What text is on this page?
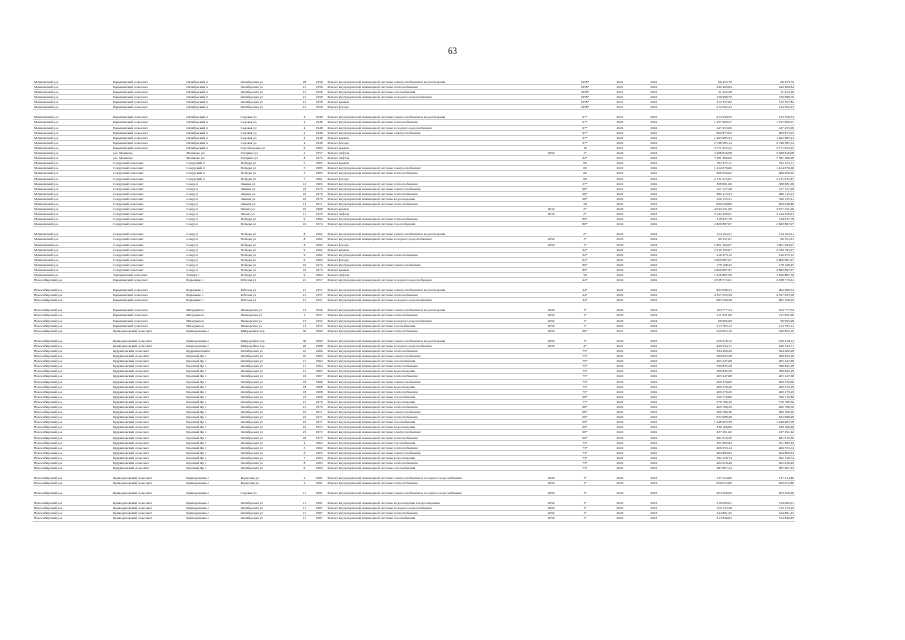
63
Мошковский р-н	Барышевский сельсовет	Октябрьский п	Октябрьская ул	28	1958	Ремонт внутридомовой инженерной системы электроснабжения и водоотведения		1958*	2021	2022	66 453,70	66 453,70
Мошковский р-н	Барышевский сельсовет	Октябрьский п	Октябрьская ул	21	1958	Ремонт внутридомовой инженерной системы теплоснабжения		1958*	2021	2022	240 400,84	240 400,84
Мошковский р-н	Барышевский сельсовет	Октябрьский п	Октябрьская ул	21	1958	Ремонт внутридомовой инженерной системы газоснабжения		1958*	2021	2022	31 452,28	31 452,28
Мошковский р-н	Барышевский сельсовет	Октябрьский п	Октябрьская ул	21	1958	Ремонт внутридомовой инженерной системы холодного водоснабжения		1958*	2021	2022	156 998,70	156 998,70
Мошковский р-н	Барышевский сельсовет	Октябрьский п	Октябрьская ул	21	1958	Ремонт крыши		1958*	2021	2022	312 357,82	312 357,82
Мошковский р-н	Барышевский сельсовет	Октябрьский п	Октябрьская ул	21	1958	Ремонт фасада		1958*	2021	2022	214 502,43	214 502,43
Мошковский р-н	Барышевский сельсовет	Октябрьский п	Садовая ул	4	1948	Ремонт внутридомовой инженерной системы электроснабжения и водоотведения		97*	2021	2022	413 239,53	413 239,53
Мошковский р-н	Барышевский сельсовет	Октябрьский п	Садовая ул	4	1948	Ремонт внутридомовой инженерной системы теплоснабжения		97*	2022	2022	1 337 900,27	1 337 900,27
Мошковский р-н	Барышевский сельсовет	Октябрьский п	Садовая ул	4	1948	Ремонт внутридомовой инженерной системы холодного водоснабжения		97*	2022	2022	247 453,00	247 453,00
Мошковский р-н	Барышевский сельсовет	Октябрьский п	Садовая ул	4	1948	Ремонт внутридомовой инженерной системы электроснабжения		97*	2022	2022	609 875,03	609 875,03
Мошковский р-н	Барышевский сельсовет	Октябрьский п	Садовая ул	4	1948	Ремонт крыши		97*	2022	2022	1 463 985,23	1 463 985,23
Мошковский р-н	Барышевский сельсовет	Октябрьский п	Садовая ул	4	1948	Ремонт фасада		97*	2022	2022	2 748 585,14	2 748 585,14
Мошковский р-н	Барышевский сельсовет	Октябрьский п	Строительная ул	6	1962	Ремонт крыши		16	2021	2022	3 771 025,22	3 771 025,22
Мошковский р-н	р.п. Мошково	Мошково рп	Гагарина ул	2	1957	Ремонт лифтов	2050	1*	2024	2024	3 498 816,98	3 498 816,98
Мошковский р-н	р.п. Мошково	Мошково рп	Гагарина ул	8	1975	Ремонт лифтов		92*	2021	2022	7 381 366,00	7 381 366,00
Мошковский р-н	Сокурский сельсовет	Сокурский п	Победы ул	5	1985	Ремонт крыши		66	2022	2022	702 475,11	702 475,11
Мошковский р-н	Сокурский сельсовет	Сокурский п	Победы ул	5	1985	Ремонт внутридомовой инженерной системы электроснабжения		66	2022	2022	1 414 076,66	1 414 076,66
Мошковский р-н	Сокурский сельсовет	Сокурский п	Победы ул	5	1985	Ремонт внутридомовой инженерной системы теплоснабжения		66	2022	2022	606 956,02	606 956,02
Мошковский р-н	Сокурский сельсовет	Сокурский п	Победы ул	7	1961	Ремонт фасада		66	2022	2022	2 131 015,67	2 131 015,67
Мошковский р-н	Сокурский сельсовет	Сокур п	Ленина ул	12	1963	Ремонт внутридомовой инженерной системы теплоснабжения		27*	2021	2022	308 681,06	308 681,06
Мошковский р-н	Сокурский сельсовет	Сокур п	Ленина ул	10	1970	Ремонт внутридомовой инженерной системы электроснабжения		66*	2021	2022	127 127,28	127 127,28
Мошковский р-н	Сокурский сельсовет	Сокур п	Ленина ул	10	1970	Ремонт внутридомовой инженерной системы теплоснабжения		66*	2022	2022	990 115,23	990 115,23
Мошковский р-н	Сокурский сельсовет	Сокур п	Ленина ул	10	1970	Ремонт внутридомовой инженерной системы водоотведения		66*	2022	2022	326 155,21	326 155,21
Мошковский р-н	Сокурский сельсовет	Сокур п	Ленина ул	13	1971	Ремонт внутридомовой инженерной системы теплоснабжения		58	2022	2023	820 049,86	820 049,86
Мошковский р-н	Сокурский сельсовет	Сокур п	Чехова ул	10	1968	Ремонт крыши	2019	2*	2023	2023	4 034 531,00	3 971 531,00
Мошковский р-н	Сокурский сельсовет	Сокур п	Чехова ул	11	1970	Ремонт лифтов	2019	2*	2023	2023	3 144 456,91	3 144 456,91
Мошковский р-н	Сокурский сельсовет	Сокур п	Победы ул	9	1984	Ремонт внутридомовой инженерной системы теплоснабжения		80*	2022	2022	318 937,78	318 937,78
Мошковский р-н	Сокурский сельсовет	Сокур п	Победы ул	10	1974	Ремонт внутридомовой инженерной системы газоснабжения		80*	2022	2022	2 600 897,97	2 600 897,97
Мошковский р-н	Сокурский сельсовет	Сокур п	Победы ул	8	1962	Ремонт внутридомовой инженерной системы электроснабжения и водоотведения		2*	2023	2024	154 104,21	154 104,21
Мошковский р-н	Сокурский сельсовет	Сокур п	Победы ул	8	1962	Ремонт внутридомовой инженерной системы холодного водоснабжения	2050	1*	2023	2024	60 351,01	60 351,01
Мошковский р-н	Сокурский сельсовет	Сокур п	Победы ул	8	1962	Ремонт фасада	2050	1*	2023	2024	1 601 294,07	1 601 294,07
Мошковский р-н	Сокурский сельсовет	Сокур п	Победы ул	9	1962	Ремонт крыши		92*	2022	2022	2 539 795,07	2 539 795,07
Мошковский р-н	Сокурский сельсовет	Сокур п	Победы ул	9	1962	Ремонт внутридомовой инженерной системы теплоснабжения		92*	2022	2022	416 475,12	416 475,12
Мошковский р-н	Сокурский сельсовет	Сокур п	Победы ул	9	1962	Ремонт фасада		92*	2022	2022	2 600 897,97	2 600 897,97
Мошковский р-н	Сокурский сельсовет	Сокур п	Победы ул	10	1974	Ремонт внутридомовой инженерной системы электроснабжения		80*	2022	2022	178 168,45	178 168,45
Мошковский р-н	Сокурский сельсовет	Сокур п	Победы ул	10	1974	Ремонт крыши		80*	2022	2022	2 600 897,97	2 600 897,97
Мошковский р-н	Ташаринский сельсовет	Ташара с	Победы ул	9	1964	Ремонт лифтов		56	2022	2022	1 656 887,58	1 656 887,58
Новосибирский р-н	Барышевский сельсовет	Барышево с	Рабочая ул	21	1957	Ремонт внутридомовой инженерной системы холодного водоснабжения		44*	2022	2022	2 038 715,61	2 038 715,61
Новосибирский р-н	Барышевский сельсовет	Барышево с	Рабочая ул	21	1957	Ремонт внутридомовой инженерной системы электроснабжения и водоотведения		44*	2022	2022	902 096,53	902 096,53
Новосибирский р-н	Барышевский сельсовет	Барышево с	Рабочая ул	21	1957	Ремонт внутридомовой инженерной системы теплоснабжения		44*	2022	2022	4 357 633,58	4 357 633,58
Новосибирский р-н	Барышевский сельсовет	Барышево с	Рабочая ул	21	1957	Ремонт внутридомовой инженерной системы холодного водоснабжения		44*	2022	2022	965 526,29	965 526,29
Новосибирский р-н	Барышевский сельсовет	Мичурина п	Пионерская ул	13	1956	Ремонт внутридомовой инженерной системы электроснабжения и водоотведения	2050	1*	2023	2024	104 777,54	104 777,54
Новосибирский р-н	Барышевский сельсовет	Мичурина п	Пионерская ул	2	1957	Ремонт внутридомовой инженерной системы теплоснабжения	2050	1*	2023	2024	211 831,60	211 831,60
Новосибирский р-н	Барышевский сельсовет	Мичурина п	Пионерская ул	13	1955	Ремонт внутридомовой инженерной системы холодного водоснабжения	2050	1*	2023	2024	66 995,08	66 995,08
Новосибирский р-н	Барышевский сельсовет	Мичурина п	Пионерская ул	13	1955	Ремонт внутридомовой инженерной системы газоснабжения	2050	1*	2023	2024	213 765,12	213 765,12
Новосибирский р-н	Криводановский сельсовет	Криводановка с	Микрорайон тер	30	1999	Ремонт внутридомовой инженерной системы теплоснабжения	2050	96*	2021	2022	520 825,10	520 825,10
Новосибирский р-н	Криводановский сельсовет	Криводановка с	Микрорайон тер	30	1999	Ремонт внутридомовой инженерной системы электроснабжения и водоотведения	2050	1*	2023	2023	226 418,12	226 418,12
Новосибирский р-н	Криводановский сельсовет	Криводановка с	Микрорайон тер	20	1988	Ремонт внутридомовой инженерной системы холодного водоснабжения	2050	4*	2021	2022	449 334,71	449 334,71
Новосибирский р-н	Кудряшовский сельсовет	Кудряшовский п	Октябрьская ул	10	1966	Ремонт внутридомовой инженерной системы теплоснабжения		75*	2022	2022	394 406,28	394 406,28
Новосибирский р-н	Кудряшовский сельсовет	Красный Яр с	Октябрьская ул	10	1964	Ремонт внутридомовой инженерной системы электроснабжения		75*	2022	2022	399 845,28	399 845,28
Новосибирский р-н	Кудряшовский сельсовет	Красный Яр с	Октябрьская ул	11	1964	Ремонт внутридомовой инженерной системы газоснабжения		75*	2022	2022	405 247,68	405 247,68
Новосибирский р-н	Кудряшовский сельсовет	Красный Яр с	Октябрьская ул	11	1964	Ремонт внутридомовой инженерной системы теплоснабжения		75*	2022	2022	399 845,28	399 845,28
Новосибирский р-н	Кудряшовский сельсовет	Красный Яр с	Октябрьская ул	12	1965	Ремонт внутридомовой инженерной системы водоотведения		75*	2022	2022	399 845,28	399 845,28
Новосибирский р-н	Кудряшовский сельсовет	Красный Яр с	Октябрьская ул	16	1967	Ремонт внутридомовой инженерной системы теплоснабжения		75*	2022	2022	405 247,68	405 247,68
Новосибирский р-н	Кудряшовский сельсовет	Красный Яр с	Октябрьская ул	18	1968	Ремонт внутридомовой инженерной системы электроснабжения		75*	2022	2022	400 379,69	400 379,69
Новосибирский р-н	Кудряшовский сельсовет	Красный Яр с	Октябрьская ул	18	1968	Ремонт внутридомовой инженерной системы водоотведения		75*	2022	2022	400 279,29	400 279,29
Новосибирский р-н	Кудряшовский сельсовет	Красный Яр с	Октябрьская ул	18	1968	Ремонт внутридомовой инженерной системы теплоснабжения		75*	2022	2022	400 279,29	400 279,29
Новосибирский р-н	Кудряшовский сельсовет	Красный Яр с	Октябрьская ул	19	1969	Ремонт внутридомовой инженерной системы газоснабжения		69*	2022	2022	340 710,80	340 710,80
Новосибирский р-н	Кудряшовский сельсовет	Красный Яр с	Октябрьская ул	21	1970	Ремонт внутридомовой инженерной системы водоотведения		77*	2022	2022	576 796,39	576 796,39
Новосибирский р-н	Кудряшовский сельсовет	Красный Яр с	Октябрьская ул	21	1970	Ремонт внутридомовой инженерной системы теплоснабжения		69*	2022	2022	400 766,30	400 766,30
Новосибирский р-н	Кудряшовский сельсовет	Красный Яр с	Октябрьская ул	22	1971	Ремонт внутридомовой инженерной системы электроснабжения		69*	2022	2022	400 766,30	400 766,30
Новосибирский р-н	Кудряшовский сельсовет	Красный Яр с	Октябрьская ул	22	1971	Ремонт внутридомовой инженерной системы теплоснабжения		69*	2022	2022	632 998,48	632 998,48
Новосибирский р-н	Кудряшовский сельсовет	Красный Яр с	Октябрьская ул	23	1971	Ремонт внутридомовой инженерной системы газоснабжения		69*	2022	2022	1 448 903,58	1 448 903,58
Новосибирский р-н	Кудряшовский сельсовет	Красный Яр с	Октябрьская ул	24	1972	Ремонт внутридомовой инженерной системы водоотведения		69*	2022	2022	436 166,66	436 166,66
Новосибирский р-н	Кудряшовский сельсовет	Красный Яр с	Октябрьская ул	25	1972	Ремонт внутридомовой инженерной системы электроснабжения		69*	2022	2022	437 291,62	437 291,62
Новосибирский р-н	Кудряшовский сельсовет	Красный Яр с	Октябрьская ул	26	1973	Ремонт внутридомовой инженерной системы теплоснабжения		69*	2022	2022	481 019,30	481 019,30
Новосибирский р-н	Кудряшовский сельсовет	Красный Яр с	Октябрьская ул	4	1962	Ремонт внутридомовой инженерной системы газоснабжения		73*	2022	2022	451 685,64	451 685,64
Новосибирский р-н	Кудряшовский сельсовет	Красный Яр с	Октябрьская ул	5	1962	Ремонт внутридомовой инженерной системы теплоснабжения		73*	2022	2022	406 553,14	406 553,14
Новосибирский р-н	Кудряшовский сельсовет	Красный Яр с	Октябрьская ул	6	1963	Ремонт внутридомовой инженерной системы электроснабжения		73*	2022	2022	404 800,03	404 800,03
Новосибирский р-н	Кудряшовский сельсовет	Красный Яр с	Октябрьская ул	7	1963	Ремонт внутридомовой инженерной системы водоотведения		73*	2022	2022	392 158,74	392 158,74
Новосибирский р-н	Кудряшовский сельсовет	Красный Яр с	Октябрьская ул	8	1963	Ремонт внутридомовой инженерной системы теплоснабжения		73*	2022	2022	402 616,49	402 616,49
Новосибирский р-н	Кудряшовский сельсовет	Красный Яр с	Октябрьская ул	9	1964	Ремонт внутридомовой инженерной системы газоснабжения		73*	2022	2022	387 607,24	387 607,24
Новосибирский р-н	Криводановский сельсовет	Криводановка с	Береговая ул	2	1981	Ремонт внутридомовой инженерной системы электроснабжения и холодного водоснабжения	2050	1*	2023	2023	137 214,80	137 214,80
Новосибирский р-н	Криводановский сельсовет	Криводановка с	Береговая ул	2	1981	Ремонт внутридомовой инженерной системы теплоснабжения	2050	1*	2023	2023	620 072,80	620 072,80
Новосибирский р-н	Криводановский сельсовет	Криводановка с	Садовая ул	11	1981	Ремонт внутридомовой инженерной системы электроснабжения и холодного водоснабжения	2050	1*	2023	2023	203 456,00	203 456,00
Новосибирский р-н	Криводановский сельсовет	Криводановка с	Октябрьская ул	11	1981	Ремонт внутридомовой инженерной системы водоотведения и водоотведения	2050	1*	2023	2023	519 000,01	519 000,01
Новосибирский р-н	Криводановский сельсовет	Криводановка с	Октябрьская ул	11	1987	Ремонт внутридомовой инженерной системы холодного водоснабжения	2050	1*	2023	2023	150 135,29	150 135,29
Новосибирский р-н	Криводановский сельсовет	Криводановка с	Октябрьская ул	11	1987	Ремонт внутридомовой инженерной системы теплоснабжения	2050	1*	2023	2023	244 891,45	244 891,45
Новосибирский р-н	Криводановский сельсовет	Криводановка с	Октябрьская ул	11	1987	Ремонт внутридомовой инженерной системы газоснабжения	2050	1*	2023	2023	313 846,65	313 846,65
